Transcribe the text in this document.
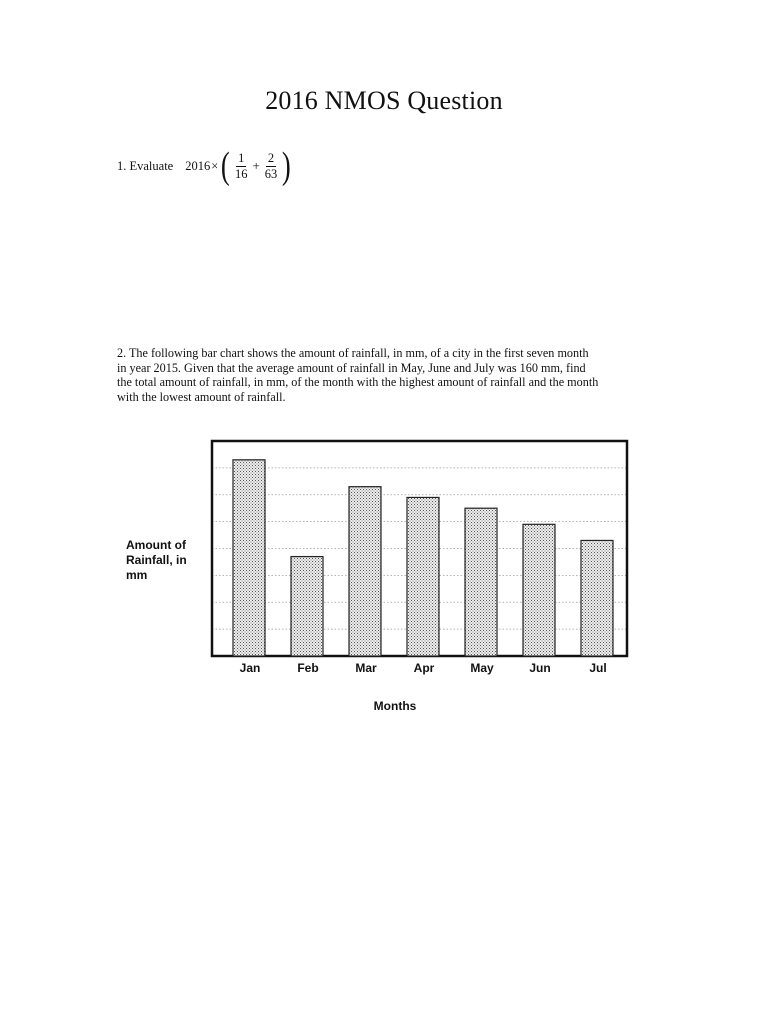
2016 NMOS Question
1. Evaluate 2016 × ( $\frac{1}{16} + \frac{2}{63}$ )

2. The following bar chart shows the amount of rainfall, in mm, of a city in the first seven month

in year 2015. Given that the average amount of rainfall in May, June and July was 160 mm, find

the total amount of rainfall, in mm, of the month with the highest amount of rainfall and the month

with the lowest amount of rainfall.

Jan	Feb	Mar	Apr	May	Jun	Jul
Amount of
Rainfall, in
mm
Months
